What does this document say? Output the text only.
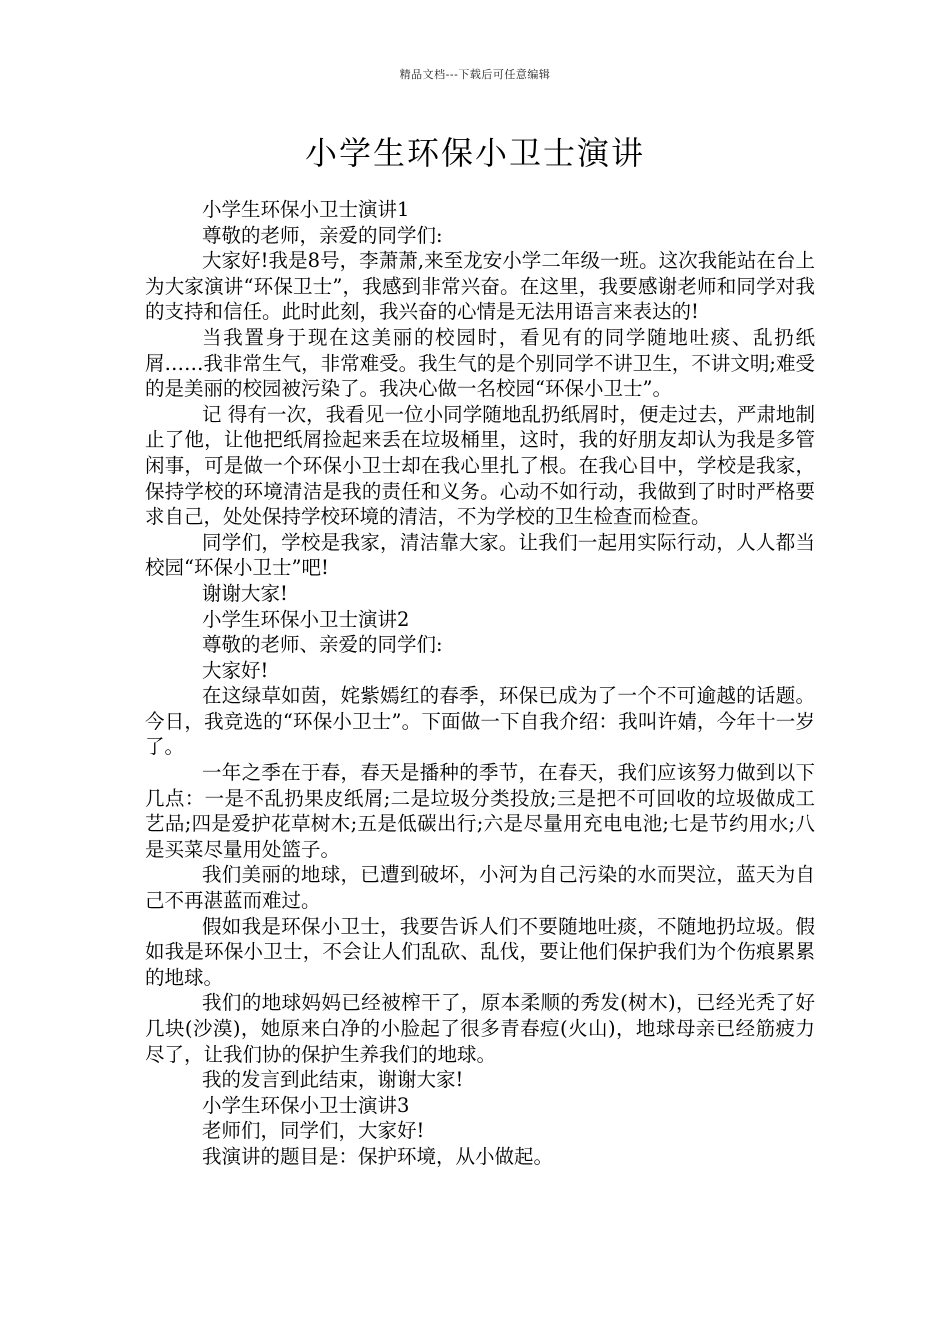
精品文档---下载后可任意编辑
小学生环保小卫士演讲

小学生环保小卫士演讲1

尊敬的老师，亲爱的同学们:

大家好!我是8号，李萧萧,来至龙安小学二年级一班。这次我能站在台上为大家演讲“环保卫士”，我感到非常兴奋。在这里，我要感谢老师和同学对我的支持和信任。此时此刻，我兴奋的心情是无法用语言来表达的!

当我置身于现在这美丽的校园时，看见有的同学随地吐痰、乱扔纸屑……我非常生气，非常难受。我生气的是个别同学不讲卫生，不讲文明;难受的是美丽的校园被污染了。我决心做一名校园“环保小卫士”。

记 得有一次，我看见一位小同学随地乱扔纸屑时，便走过去，严肃地制止了他，让他把纸屑捡起来丢在垃圾桶里，这时，我的好朋友却认为我是多管闲事，可是做一个环保小卫士却在我心里扎了根。在我心目中，学校是我家，保持学校的环境清洁是我的责任和义务。心动不如行动，我做到了时时严格要求自己，处处保持学校环境的清洁，不为学校的卫生检查而检查。

同学们，学校是我家，清洁靠大家。让我们一起用实际行动，人人都当校园“环保小卫士”吧!

谢谢大家!

小学生环保小卫士演讲2

尊敬的老师、亲爱的同学们:

大家好!

在这绿草如茵，姹紫嫣红的春季，环保已成为了一个不可逾越的话题。今日，我竞选的“环保小卫士”。下面做一下自我介绍：我叫许婧，今年十一岁了。

一年之季在于春，春天是播种的季节，在春天，我们应该努力做到以下几点：一是不乱扔果皮纸屑;二是垃圾分类投放;三是把不可回收的垃圾做成工艺品;四是爱护花草树木;五是低碳出行;六是尽量用充电电池;七是节约用水;八是买菜尽量用处篮子。

我们美丽的地球，已遭到破坏，小河为自己污染的水而哭泣，蓝天为自己不再湛蓝而难过。

假如我是环保小卫士，我要告诉人们不要随地吐痰，不随地扔垃圾。假如我是环保小卫士，不会让人们乱砍、乱伐，要让他们保护我们为个伤痕累累的地球。

我们的地球妈妈已经被榨干了，原本柔顺的秀发(树木)，已经光秃了好几块(沙漠)，她原来白净的小脸起了很多青春痘(火山)，地球母亲已经筋疲力尽了，让我们协的保护生养我们的地球。

我的发言到此结束，谢谢大家!

小学生环保小卫士演讲3

老师们，同学们，大家好!

我演讲的题目是：保护环境，从小做起。
